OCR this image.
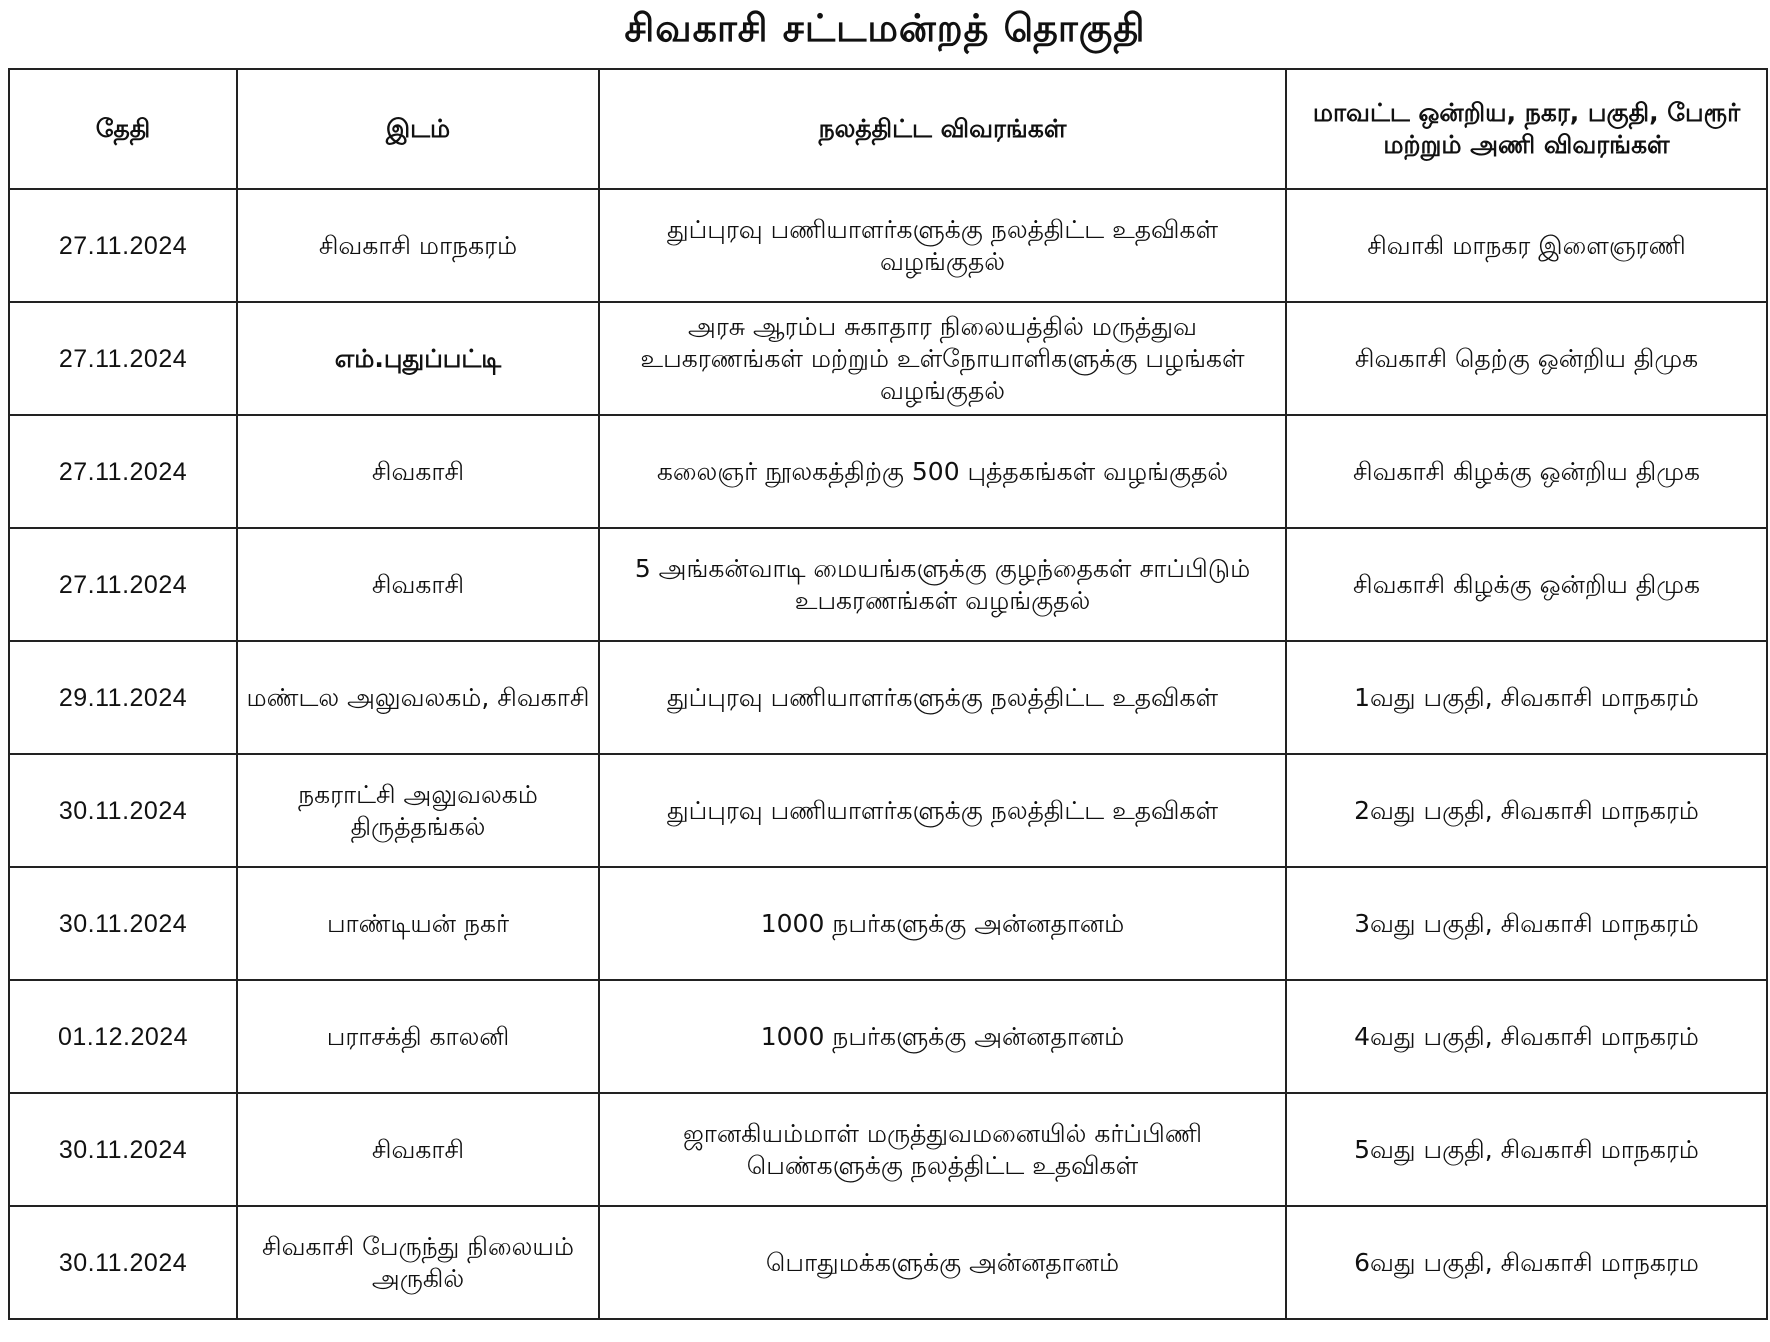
சிவகாசி சட்டமன்றத் தொகுதி
தேதி	இடம்	நலத்திட்ட விவரங்கள்	மாவட்ட ஒன்றிய, நகர, பகுதி, பேரூர் மற்றும் அணி விவரங்கள்
27.11.2024	சிவகாசி மாநகரம்	துப்புரவு பணியாளர்களுக்கு நலத்திட்ட உதவிகள் வழங்குதல்	சிவாகி மாநகர இளைஞரணி
27.11.2024	எம்.புதுப்பட்டி	அரசு ஆரம்ப சுகாதார நிலையத்தில் மருத்துவ உபகரணங்கள் மற்றும் உள்நோயாளிகளுக்கு பழங்கள் வழங்குதல்	சிவகாசி தெற்கு ஒன்றிய திமுக
27.11.2024	சிவகாசி	கலைஞர் நூலகத்திற்கு 500 புத்தகங்கள் வழங்குதல்	சிவகாசி கிழக்கு ஒன்றிய திமுக
27.11.2024	சிவகாசி	5 அங்கன்வாடி மையங்களுக்கு குழந்தைகள் சாப்பிடும் உபகரணங்கள் வழங்குதல்	சிவகாசி கிழக்கு ஒன்றிய திமுக
29.11.2024	மண்டல அலுவலகம், சிவகாசி	துப்புரவு பணியாளர்களுக்கு நலத்திட்ட உதவிகள்	1வது பகுதி, சிவகாசி மாநகரம்
30.11.2024	நகராட்சி அலுவலகம் திருத்தங்கல்	துப்புரவு பணியாளர்களுக்கு நலத்திட்ட உதவிகள்	2வது பகுதி, சிவகாசி மாநகரம்
30.11.2024	பாண்டியன் நகர்	1000 நபர்களுக்கு அன்னதானம்	3வது பகுதி, சிவகாசி மாநகரம்
01.12.2024	பராசக்தி காலனி	1000 நபர்களுக்கு அன்னதானம்	4வது பகுதி, சிவகாசி மாநகரம்
30.11.2024	சிவகாசி	ஜானகியம்மாள் மருத்துவமனையில் கர்ப்பிணி பெண்களுக்கு நலத்திட்ட உதவிகள்	5வது பகுதி, சிவகாசி மாநகரம்
30.11.2024	சிவகாசி பேருந்து நிலையம் அருகில்	பொதுமக்களுக்கு அன்னதானம்	6வது பகுதி, சிவகாசி மாநகரம
